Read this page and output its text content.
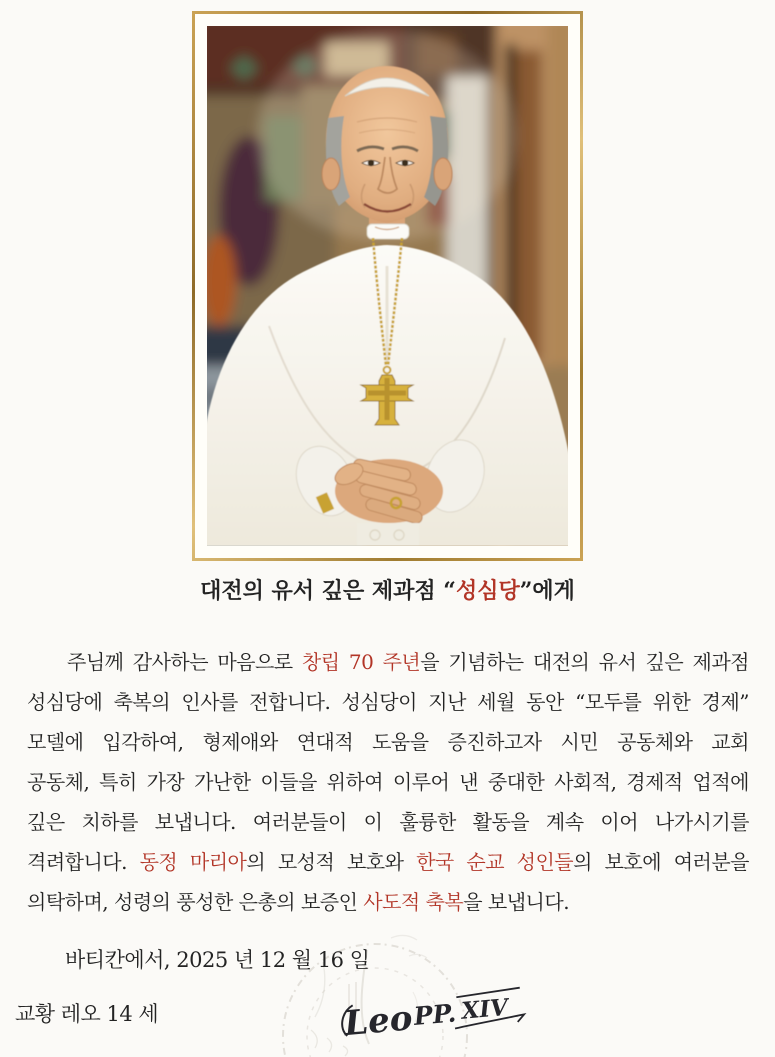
대전의 유서 깊은 제과점 “성심당”에게
주님께 감사하는 마음으로 창립 70 주년을 기념하는 대전의 유서 깊은 제과점
성심당에 축복의 인사를 전합니다. 성심당이 지난 세월 동안 “모두를 위한 경제”
모델에 입각하여, 형제애와 연대적 도움을 증진하고자 시민 공동체와 교회
공동체, 특히 가장 가난한 이들을 위하여 이루어 낸 중대한 사회적, 경제적 업적에
깊은 치하를 보냅니다. 여러분들이 이 훌륭한 활동을 계속 이어 나가시기를
격려합니다. 동정 마리아의 모성적 보호와 한국 순교 성인들의 보호에 여러분을
의탁하며, 성령의 풍성한 은총의 보증인 사도적 축복을 보냅니다.
바티칸에서, 2025 년 12 월 16 일
교황 레오 14 세	Leo
PP. XIV
